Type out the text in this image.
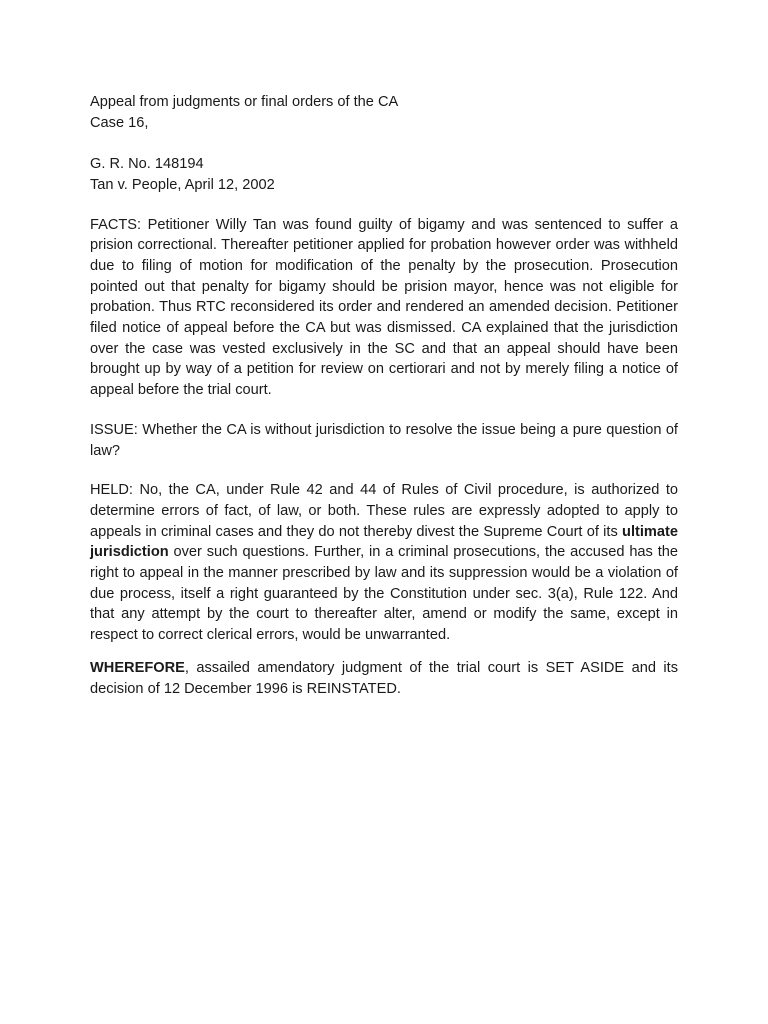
Appeal from judgments or final orders of the CA
Case 16,
G. R. No. 148194
Tan v. People, April 12, 2002

FACTS: Petitioner Willy Tan was found guilty of bigamy and was sentenced to suffer a prision correctional. Thereafter petitioner applied for probation however order was withheld due to filing of motion for modification of the penalty by the prosecution. Prosecution pointed out that penalty for bigamy should be prision mayor, hence was not eligible for probation. Thus RTC reconsidered its order and rendered an amended decision. Petitioner filed notice of appeal before the CA but was dismissed. CA explained that the jurisdiction over the case was vested exclusively in the SC and that an appeal should have been brought up by way of a petition for review on certiorari and not by merely filing a notice of appeal before the trial court.

ISSUE: Whether the CA is without jurisdiction to resolve the issue being a pure question of law?

HELD: No, the CA, under Rule 42 and 44 of Rules of Civil procedure, is authorized to determine errors of fact, of law, or both. These rules are expressly adopted to apply to appeals in criminal cases and they do not thereby divest the Supreme Court of its ultimate jurisdiction over such questions. Further, in a criminal prosecutions, the accused has the right to appeal in the manner prescribed by law and its suppression would be a violation of due process, itself a right guaranteed by the Constitution under sec. 3(a), Rule 122. And that any attempt by the court to thereafter alter, amend or modify the same, except in respect to correct clerical errors, would be unwarranted.

WHEREFORE, assailed amendatory judgment of the trial court is SET ASIDE and its decision of 12 December 1996 is REINSTATED.
